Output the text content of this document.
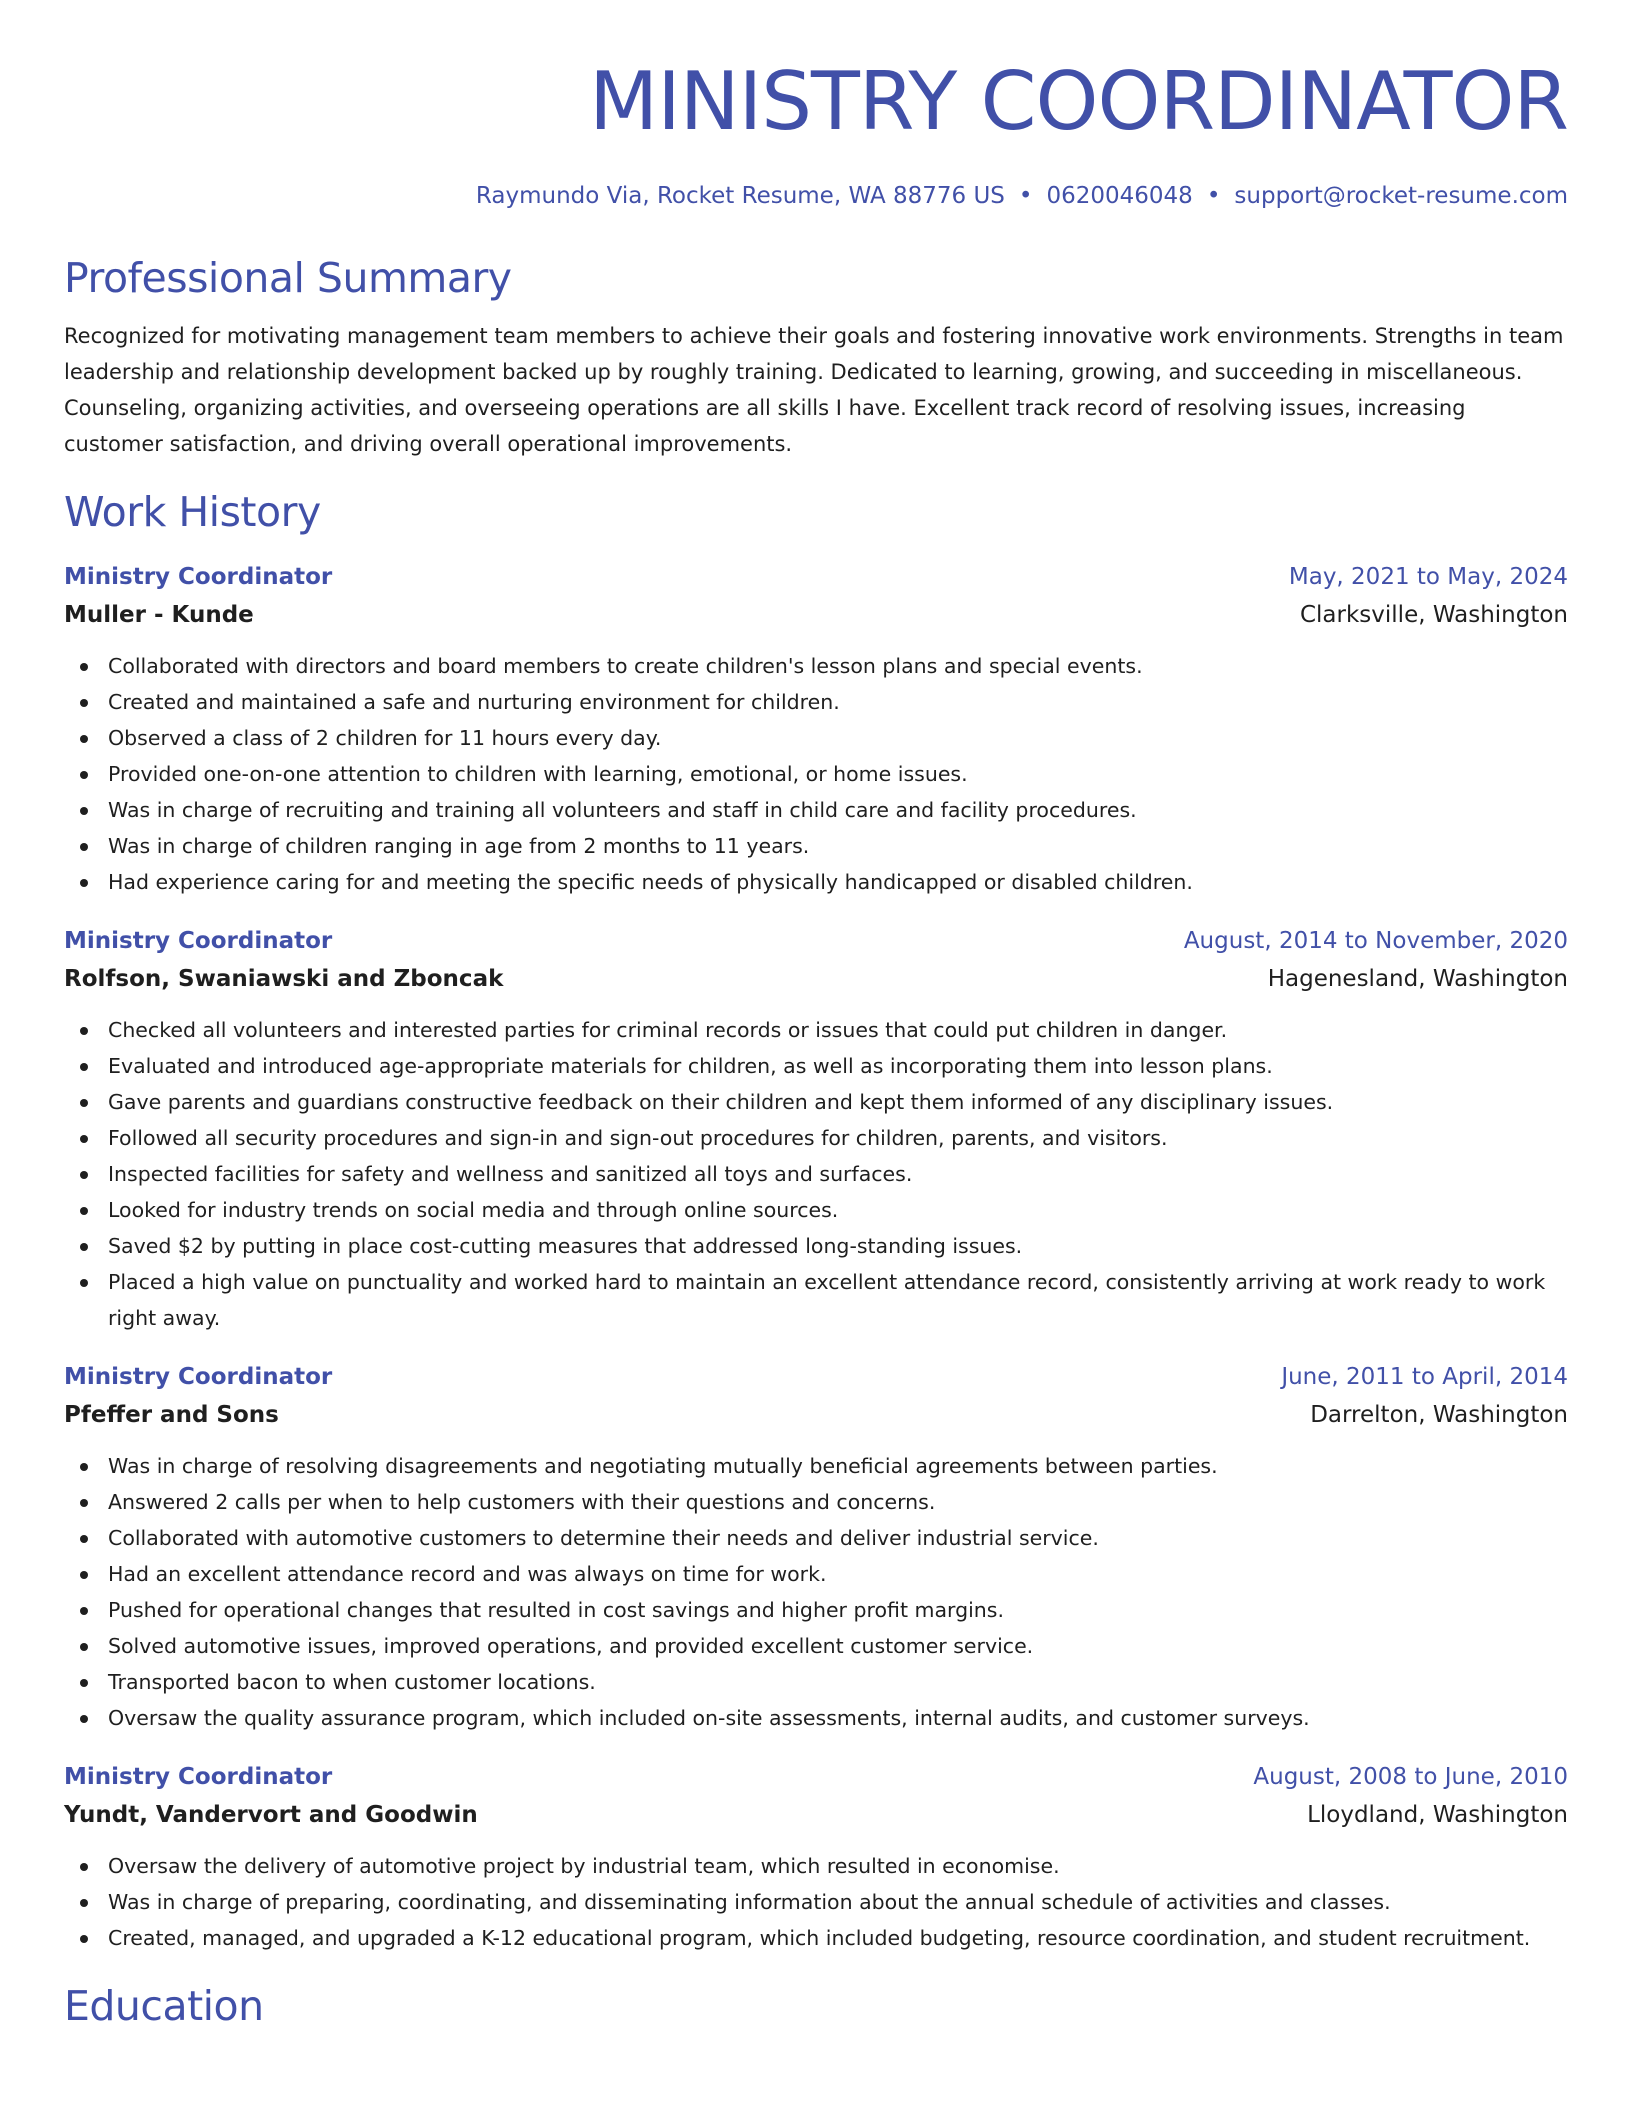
MINISTRY COORDINATOR
Raymundo Via, Rocket Resume, WA 88776 US • 0620046048 • support@rocket-resume.com
Professional Summary

Recognized for motivating management team members to achieve their goals and fostering innovative work environments. Strengths in team leadership and relationship development backed up by roughly training. Dedicated to learning, growing, and succeeding in miscellaneous. Counseling, organizing activities, and overseeing operations are all skills I have. Excellent track record of resolving issues, increasing customer satisfaction, and driving overall operational improvements.

Work History
Ministry Coordinator	May, 2021 to May, 2024
Muller - Kunde	Clarksville, Washington
Collaborated with directors and board members to create children's lesson plans and special events.
Created and maintained a safe and nurturing environment for children.
Observed a class of 2 children for 11 hours every day.
Provided one-on-one attention to children with learning, emotional, or home issues.
Was in charge of recruiting and training all volunteers and staff in child care and facility procedures.
Was in charge of children ranging in age from 2 months to 11 years.
Had experience caring for and meeting the specific needs of physically handicapped or disabled children.
Ministry Coordinator	August, 2014 to November, 2020
Rolfson, Swaniawski and Zboncak	Hagenesland, Washington
Checked all volunteers and interested parties for criminal records or issues that could put children in danger.
Evaluated and introduced age-appropriate materials for children, as well as incorporating them into lesson plans.
Gave parents and guardians constructive feedback on their children and kept them informed of any disciplinary issues.
Followed all security procedures and sign-in and sign-out procedures for children, parents, and visitors.
Inspected facilities for safety and wellness and sanitized all toys and surfaces.
Looked for industry trends on social media and through online sources.
Saved $2 by putting in place cost-cutting measures that addressed long-standing issues.
Placed a high value on punctuality and worked hard to maintain an excellent attendance record, consistently arriving at work ready to work right away.
Ministry Coordinator	June, 2011 to April, 2014
Pfeffer and Sons	Darrelton, Washington
Was in charge of resolving disagreements and negotiating mutually beneficial agreements between parties.
Answered 2 calls per when to help customers with their questions and concerns.
Collaborated with automotive customers to determine their needs and deliver industrial service.
Had an excellent attendance record and was always on time for work.
Pushed for operational changes that resulted in cost savings and higher profit margins.
Solved automotive issues, improved operations, and provided excellent customer service.
Transported bacon to when customer locations.
Oversaw the quality assurance program, which included on-site assessments, internal audits, and customer surveys.
Ministry Coordinator	August, 2008 to June, 2010
Yundt, Vandervort and Goodwin	Lloydland, Washington
Oversaw the delivery of automotive project by industrial team, which resulted in economise.
Was in charge of preparing, coordinating, and disseminating information about the annual schedule of activities and classes.
Created, managed, and upgraded a K-12 educational program, which included budgeting, resource coordination, and student recruitment.
Education
